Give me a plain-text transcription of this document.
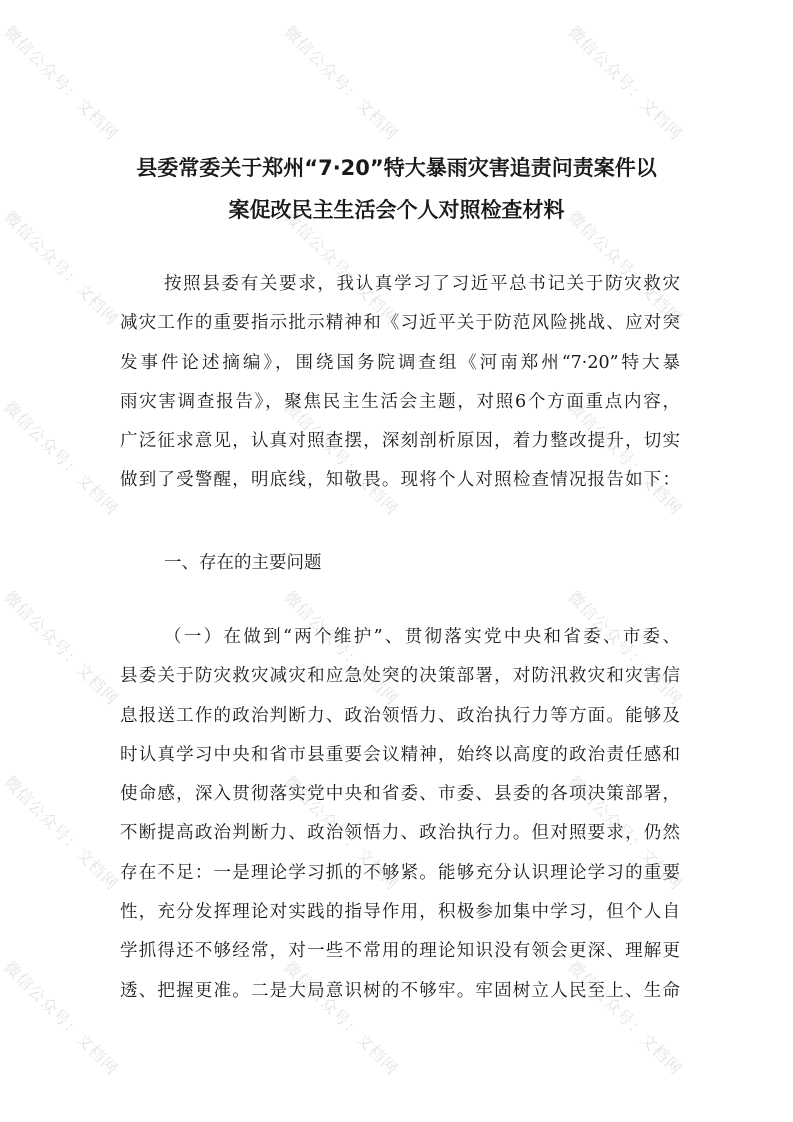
县委常委关于郑州“7·20”特大暴雨灾害追责问责案件以
案促改民主生活会个人对照检查材料
按照县委有关要求，我认真学习了习近平总书记关于防灾救灾
减灾工作的重要指示批示精神和《习近平关于防范风险挑战、应对突
发事件论述摘编》，围绕国务院调查组《河南郑州“7·20”特大暴
雨灾害调查报告》，聚焦民主生活会主题，对照6个方面重点内容，
广泛征求意见，认真对照查摆，深刻剖析原因，着力整改提升，切实
做到了受警醒，明底线，知敬畏。现将个人对照检查情况报告如下：

一、存在的主要问题

（一）在做到“两个维护”、贯彻落实党中央和省委、市委、
县委关于防灾救灾减灾和应急处突的决策部署，对防汛救灾和灾害信
息报送工作的政治判断力、政治领悟力、政治执行力等方面。能够及
时认真学习中央和省市县重要会议精神，始终以高度的政治责任感和
使命感，深入贯彻落实党中央和省委、市委、县委的各项决策部署，
不断提高政治判断力、政治领悟力、政治执行力。但对照要求，仍然
存在不足：一是理论学习抓的不够紧。能够充分认识理论学习的重要
性，充分发挥理论对实践的指导作用，积极参加集中学习，但个人自
学抓得还不够经常，对一些不常用的理论知识没有领会更深、理解更
透、把握更准。二是大局意识树的不够牢。牢固树立人民至上、生命
微信公众号：文档网	微信公众号：文档网	微信公众号：文档网
微信公众号：文档网	微信公众号：文档网	微信公众号：文档网
微信公众号：文档网	微信公众号：文档网	微信公众号：文档网
微信公众号：文档网	微信公众号：文档网	微信公众号：文档网
微信公众号：文档网	微信公众号：文档网	微信公众号：文档网
微信公众号：文档网	微信公众号：文档网	微信公众号：文档网
